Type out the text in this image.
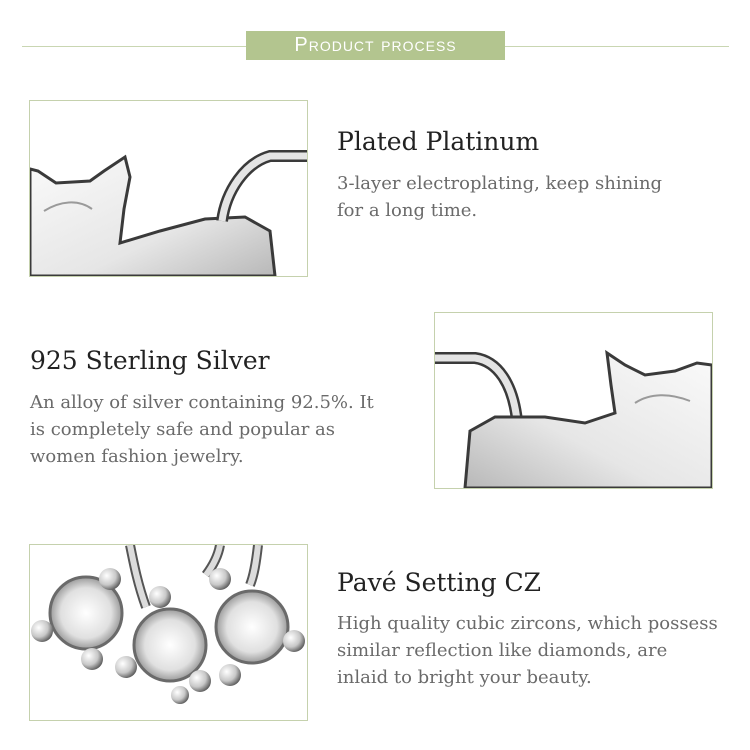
Product process
Plated Platinum
3-layer electroplating, keep shining
for a long time.
925 Sterling Silver
An alloy of silver containing 92.5%. It
is completely safe and popular as
women fashion jewelry.
Pavé Setting CZ
High quality cubic zircons, which possess
similar reflection like diamonds, are
inlaid to bright your beauty.
